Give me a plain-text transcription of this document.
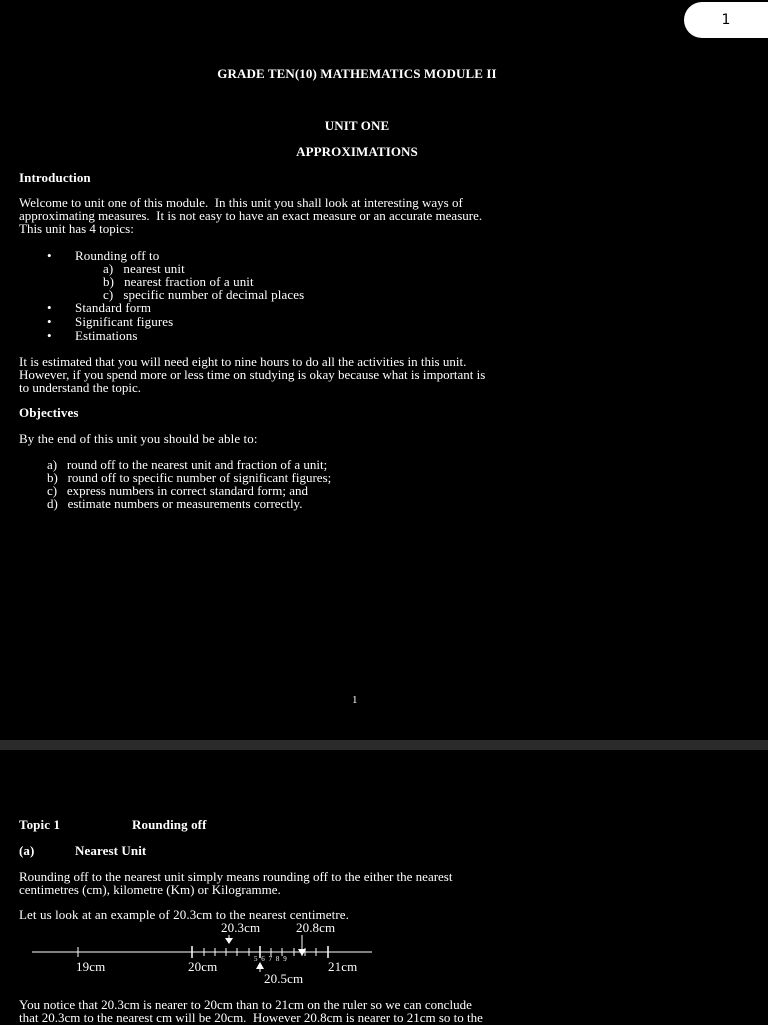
GRADE TEN(10) MATHEMATICS MODULE II
UNIT ONE
APPROXIMATIONS
Introduction
Welcome to unit one of this module.  In this unit you shall look at interesting ways of
approximating measures.  It is not easy to have an exact measure or an accurate measure.
This unit has 4 topics:
• Rounding off to
a)   nearest unit
b)   nearest fraction of a unit
c)   specific number of decimal places
• Standard form
• Significant figures
• Estimations
It is estimated that you will need eight to nine hours to do all the activities in this unit.
However, if you spend more or less time on studying is okay because what is important is
to understand the topic.
Objectives
By the end of this unit you should be able to:
a)   round off to the nearest unit and fraction of a unit;
b)   round off to specific number of significant figures;
c)   express numbers in correct standard form; and
d)   estimate numbers or measurements correctly.
1
Topic 1	Rounding off
(a)	Nearest Unit
Rounding off to the nearest unit simply means rounding off to the either the nearest
centimetres (cm), kilometre (Km) or Kilogramme.
Let us look at an example of 20.3cm to the nearest centimetre.
20.3cm	20.8cm
5  6  7  8  9
19cm	20cm	21cm
20.5cm
You notice that 20.3cm is nearer to 20cm than to 21cm on the ruler so we can conclude
that 20.3cm to the nearest cm will be 20cm.  However 20.8cm is nearer to 21cm so to the
1
